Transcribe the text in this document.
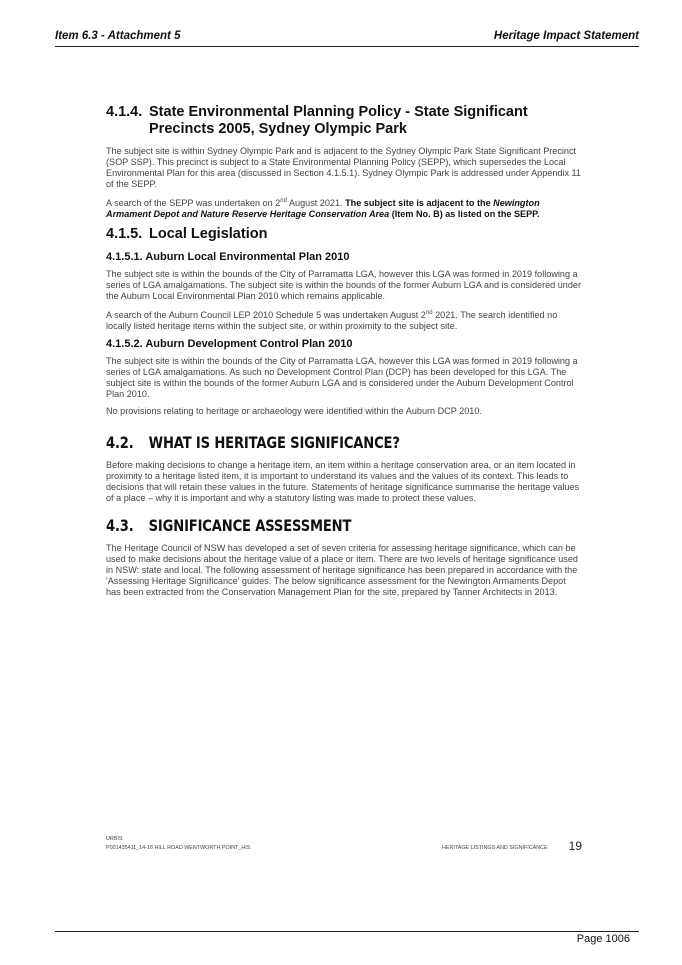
Item 6.3 - Attachment 5	Heritage Impact Statement
4.1.4. State Environmental Planning Policy - State Significant Precincts 2005, Sydney Olympic Park

The subject site is within Sydney Olympic Park and is adjacent to the Sydney Olympic Park State Significant Precinct (SOP SSP). This precinct is subject to a State Environmental Planning Policy (SEPP), which supersedes the Local Environmental Plan for this area (discussed in Section 4.1.5.1). Sydney Olympic Park is addressed under Appendix 11 of the SEPP.

A search of the SEPP was undertaken on 2nd August 2021. The subject site is adjacent to the Newington Armament Depot and Nature Reserve Heritage Conservation Area (Item No. B) as listed on the SEPP.

4.1.5. Local Legislation
4.1.5.1. Auburn Local Environmental Plan 2010

The subject site is within the bounds of the City of Parramatta LGA, however this LGA was formed in 2019 following a series of LGA amalgamations. The subject site is within the bounds of the former Auburn LGA and is considered under the Auburn Local Environmental Plan 2010 which remains applicable.

A search of the Auburn Council LEP 2010 Schedule 5 was undertaken August 2nd 2021. The search identified no locally listed heritage items within the subject site, or within proximity to the subject site.

4.1.5.2. Auburn Development Control Plan 2010

The subject site is within the bounds of the City of Parramatta LGA, however this LGA was formed in 2019 following a series of LGA amalgamations. As such no Development Control Plan (DCP) has been developed for this LGA. The subject site is within the bounds of the former Auburn LGA and is considered under the Auburn Development Control Plan 2010.

No provisions relating to heritage or archaeology were identified within the Auburn DCP 2010.

4.2. WHAT IS HERITAGE SIGNIFICANCE?

Before making decisions to change a heritage item, an item within a heritage conservation area, or an item located in proximity to a heritage listed item, it is important to understand its values and the values of its context. This leads to decisions that will retain these values in the future. Statements of heritage significance summarise the heritage values of a place – why it is important and why a statutory listing was made to protect these values.

4.3. SIGNIFICANCE ASSESSMENT

The Heritage Council of NSW has developed a set of seven criteria for assessing heritage significance, which can be used to make decisions about the heritage value of a place or item. There are two levels of heritage significance used in NSW: state and local. The following assessment of heritage significance has been prepared in accordance with the 'Assessing Heritage Significance' guides. The below significance assessment for the Newington Armaments Depot has been extracted from the Conservation Management Plan for the site, prepared by Tanner Architects in 2013.

URBIS
P0014354​11_14-16 HILL ROAD WENTWORTH POINT_HIS	HERITAGE LISTINGS AND SIGNIFICANCE 19
Page 1006
